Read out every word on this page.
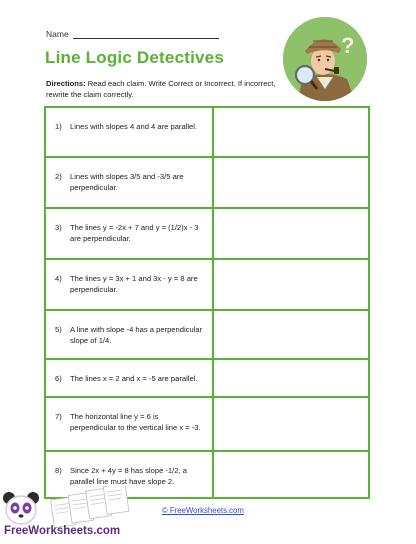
Name
Line Logic Detectives
Directions: Read each claim. Write Correct or Incorrect. If incorrect, rewrite the claim correctly.
?
1) Lines with slopes 4 and 4 are parallel.	

2) Lines with slopes 3/5 and -3/5 are perpendicular.	

3) The lines y = -2x + 7 and y = (1/2)x - 3 are perpendicular.	

4) The lines y = 3x + 1 and 3x - y = 8 are perpendicular.	

5) A line with slope -4 has a perpendicular slope of 1/4.	

6) The lines x = 2 and x = -5 are parallel.	

7) The horizontal line y = 6 is perpendicular to the vertical line x = -3.	

8) Since 2x + 4y = 8 has slope -1/2, a parallel line must have slope 2.	

FreeWorksheets.com
© FreeWorksheets.com
